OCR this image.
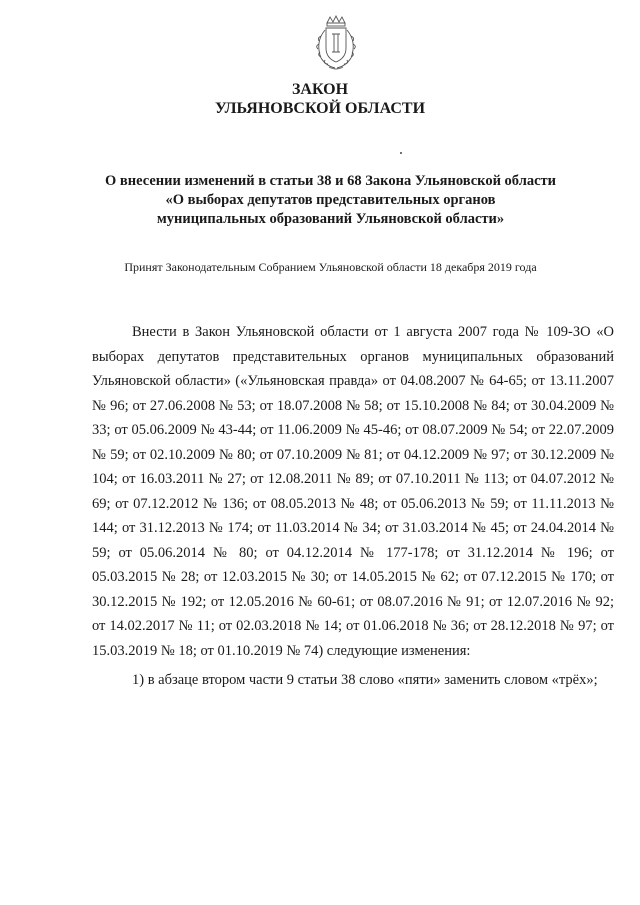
ЗАКОН
УЛЬЯНОВСКОЙ ОБЛАСТИ
О внесении изменений в статьи 38 и 68 Закона Ульяновской области
«О выборах депутатов представительных органов
муниципальных образований Ульяновской области»
Принят Законодательным Собранием Ульяновской области 18 декабря 2019 года

Внести в Закон Ульяновской области от 1 августа 2007 года № 109-ЗО «О выборах депутатов представительных органов муниципальных образований Ульяновской области» («Ульяновская правда» от 04.08.2007 № 64-65; от 13.11.2007 № 96; от 27.06.2008 № 53; от 18.07.2008 № 58; от 15.10.2008 № 84; от 30.04.2009 № 33; от 05.06.2009 № 43-44; от 11.06.2009 № 45-46; от 08.07.2009 № 54; от 22.07.2009 № 59; от 02.10.2009 № 80; от 07.10.2009 № 81; от 04.12.2009 № 97; от 30.12.2009 № 104; от 16.03.2011 № 27; от 12.08.2011 № 89; от 07.10.2011 № 113; от 04.07.2012 № 69; от 07.12.2012 № 136; от 08.05.2013 № 48; от 05.06.2013 № 59; от 11.11.2013 № 144; от 31.12.2013 № 174; от 11.03.2014 № 34; от 31.03.2014 № 45; от 24.04.2014 № 59; от 05.06.2014 № 80; от 04.12.2014 № 177-178; от 31.12.2014 № 196; от 05.03.2015 № 28; от 12.03.2015 № 30; от 14.05.2015 № 62; от 07.12.2015 № 170; от 30.12.2015 № 192; от 12.05.2016 № 60-61; от 08.07.2016 № 91; от 12.07.2016 № 92; от 14.02.2017 № 11; от 02.03.2018 № 14; от 01.06.2018 № 36; от 28.12.2018 № 97; от 15.03.2019 № 18; от 01.10.2019 № 74) следующие изменения:

1) в абзаце втором части 9 статьи 38 слово «пяти» заменить словом «трёх»;
